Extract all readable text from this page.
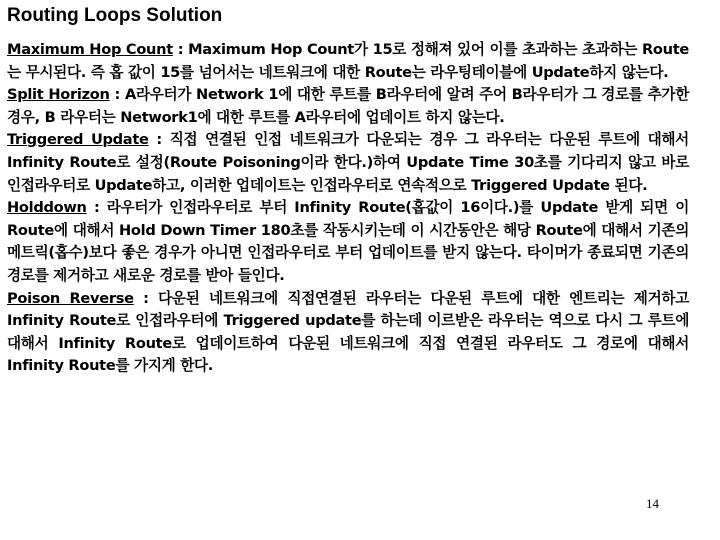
Routing Loops Solution

Maximum Hop Count : Maximum Hop Count가 15로 정해져 있어 이를 초과하는 초과하는 Route는 무시된다. 즉 홉 값이 15를 넘어서는 네트워크에 대한 Route는 라우팅테이블에 Update하지 않는다.

Split Horizon : A라우터가 Network 1에 대한 루트를 B라우터에 알려 주어 B라우터가 그 경로를 추가한 경우, B 라우터는 Network1에 대한 루트를 A라우터에 업데이트 하지 않는다.

Triggered Update : 직접 연결된 인접 네트워크가 다운되는 경우 그 라우터는 다운된 루트에 대해서 Infinity Route로 설정(Route Poisoning이라 한다.)하여 Update Time 30초를 기다리지 않고 바로 인접라우터로 Update하고, 이러한 업데이트는 인접라우터로 연속적으로 Triggered Update 된다.

Holddown : 라우터가 인접라우터로 부터 Infinity Route(홉값이 16이다.)를 Update 받게 되면 이 Route에 대해서 Hold Down Timer 180초를 작동시키는데 이 시간동안은 해당 Route에 대해서 기존의 메트릭(홉수)보다 좋은 경우가 아니면 인접라우터로 부터 업데이트를 받지 않는다. 타이머가 종료되면 기존의 경로를 제거하고 새로운 경로를 받아 들인다.

Poison Reverse : 다운된 네트워크에 직접연결된 라우터는 다운된 루트에 대한 엔트리는 제거하고 Infinity Route로 인접라우터에 Triggered update를 하는데 이르받은 라우터는 역으로 다시 그 루트에 대해서 Infinity Route로 업데이트하여 다운된 네트워크에 직접 연결된 라우터도 그 경로에 대해서 Infinity Route를 가지게 한다.

14
